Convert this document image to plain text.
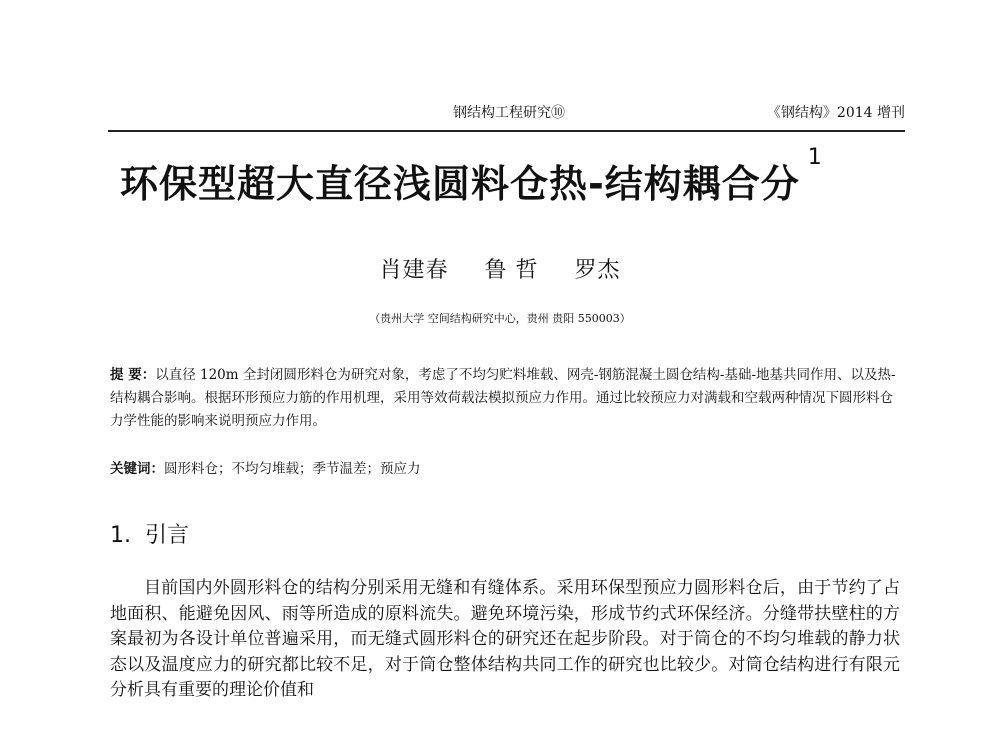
钢结构工程研究⑩	《钢结构》2014 增刊
环保型超大直径浅圆料仓热-结构耦合分$^1$
肖建春 鲁 哲 罗杰
（贵州大学 空间结构研究中心，贵州 贵阳 550003）
提 要：以直径 120m 全封闭圆形料仓为研究对象，考虑了不均匀贮料堆载、网壳-钢筋混凝土圆仓结构-基础-地基共同作用、以及热-结构耦合影响。根据环形预应力筋的作用机理，采用等效荷载法模拟预应力作用。通过比较预应力对满载和空载两种情况下圆形料仓力学性能的影响来说明预应力作用。
关键词：圆形料仓；不均匀堆载；季节温差；预应力
1. 引言

目前国内外圆形料仓的结构分别采用无缝和有缝体系。采用环保型预应力圆形料仓后，由于节约了占地面积、能避免因风、雨等所造成的原料流失。避免环境污染，形成节约式环保经济。分缝带扶壁柱的方案最初为各设计单位普遍采用，而无缝式圆形料仓的研究还在起步阶段。对于筒仓的不均匀堆载的静力状态以及温度应力的研究都比较不足，对于筒仓整体结构共同工作的研究也比较少。对筒仓结构进行有限元分析具有重要的理论价值和
